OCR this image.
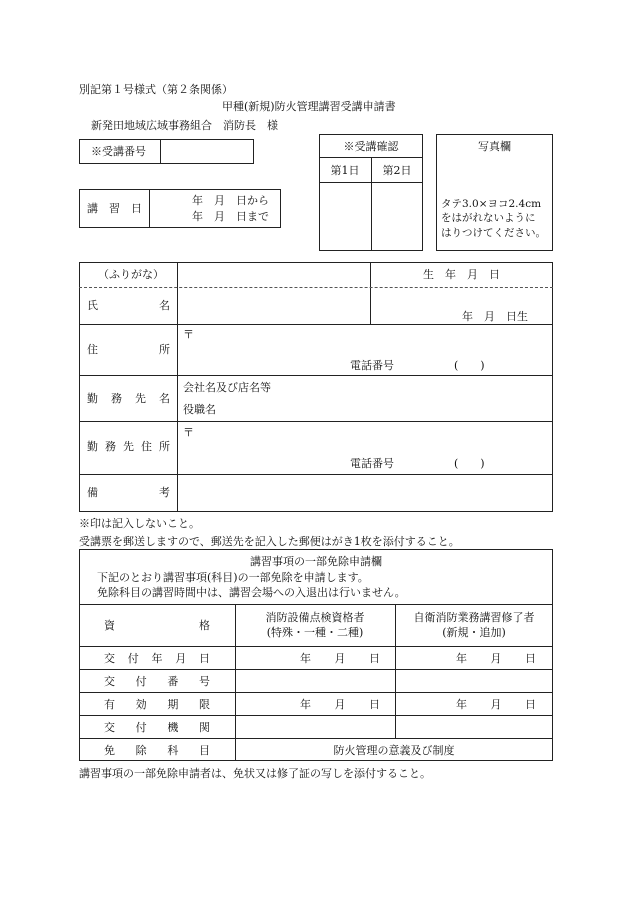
別記第１号様式（第２条関係）
甲種(新規)防火管理講習受講申請書
新発田地域広域事務組合　消防長　様
※受講番号
講 習 日
年　月　日から
年　月　日まで
※受講確認
第1日	第2日
写真欄
タテ3.0×ヨコ2.4cm
をはがれないように
はりつけてください。
（ふりがな）	生　年　月　日
氏	名
年　月　日生
住	所
〒
電話番号	(　　)
勤 務 先 名
会社名及び店名等
役職名
勤 務 先 住 所
〒
電話番号	(　　)
備	考
※印は記入しないこと。
受講票を郵送しますので、郵送先を記入した郵便はがき1枚を添付すること。
講習事項の一部免除申請欄
下記のとおり講習事項(科目)の一部免除を申請します。
免除科目の講習時間中は、講習会場への入退出は行いません。
資	格
消防設備点検資格者
(特殊・一種・二種)
自衛消防業務講習修了者
(新規・追加)
交 付 年 月 日	年 月 日	年 月 日
交 付 番 号
有 効 期 限	年 月 日	年 月 日
交 付 機 関
免 除 科 目	防火管理の意義及び制度
講習事項の一部免除申請者は、免状又は修了証の写しを添付すること。
